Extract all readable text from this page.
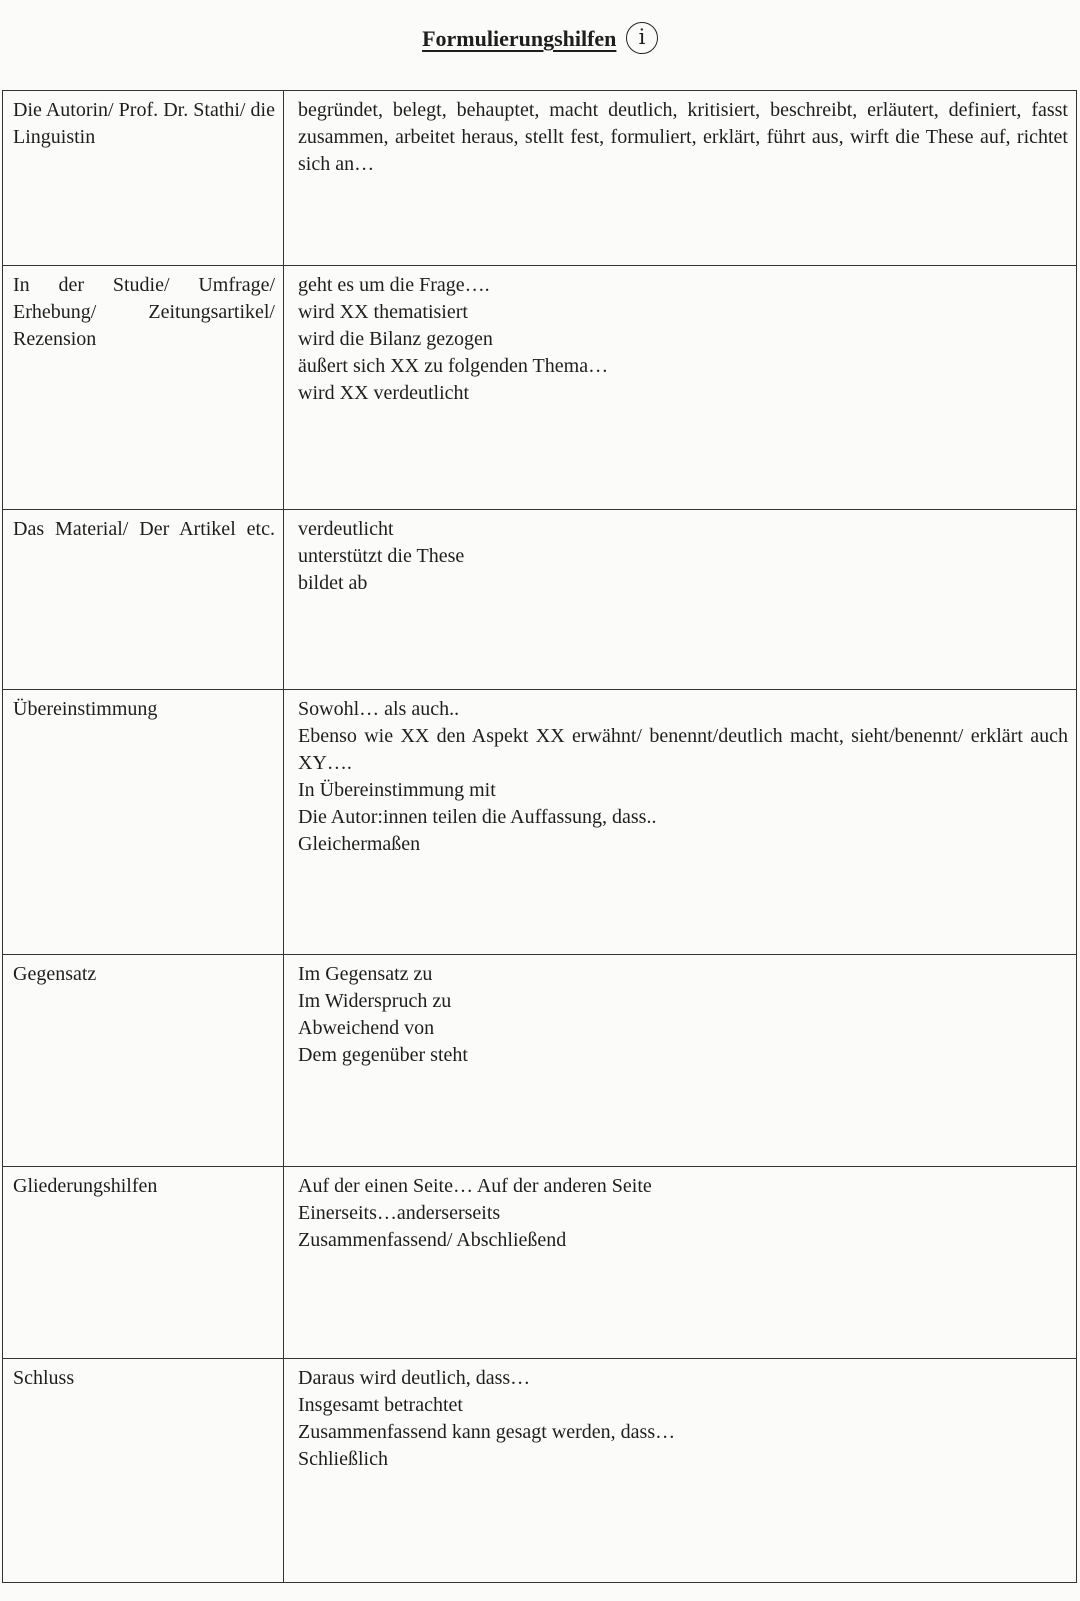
Formulierungshilfen i
Die Autorin/ Prof. Dr. Stathi/ die Linguistin	begründet, belegt, behauptet, macht deutlich, kritisiert, beschreibt, erläutert, definiert, fasst zusammen, arbeitet heraus, stellt fest, formuliert, erklärt, führt aus, wirft die These auf, richtet sich an…

In der Studie/ Umfrage/ Erhebung/ Zeitungsartikel/ Rezension	geht es um die Frage….
wird XX thematisiert
wird die Bilanz gezogen
äußert sich XX zu folgenden Thema…
wird XX verdeutlicht

Das Material/ Der Artikel etc.	verdeutlicht
unterstützt die These
bildet ab

Übereinstimmung	Sowohl… als auch..
Ebenso wie XX den Aspekt XX erwähnt/ benennt/deutlich macht, sieht/benennt/ erklärt auch XY….
In Übereinstimmung mit
Die Autor:innen teilen die Auffassung, dass..
Gleichermaßen

Gegensatz	Im Gegensatz zu
Im Widerspruch zu
Abweichend von
Dem gegenüber steht

Gliederungshilfen	Auf der einen Seite… Auf der anderen Seite
Einerseits…anderserseits
Zusammenfassend/ Abschließend

Schluss	Daraus wird deutlich, dass…
Insgesamt betrachtet
Zusammenfassend kann gesagt werden, dass…
Schließlich
